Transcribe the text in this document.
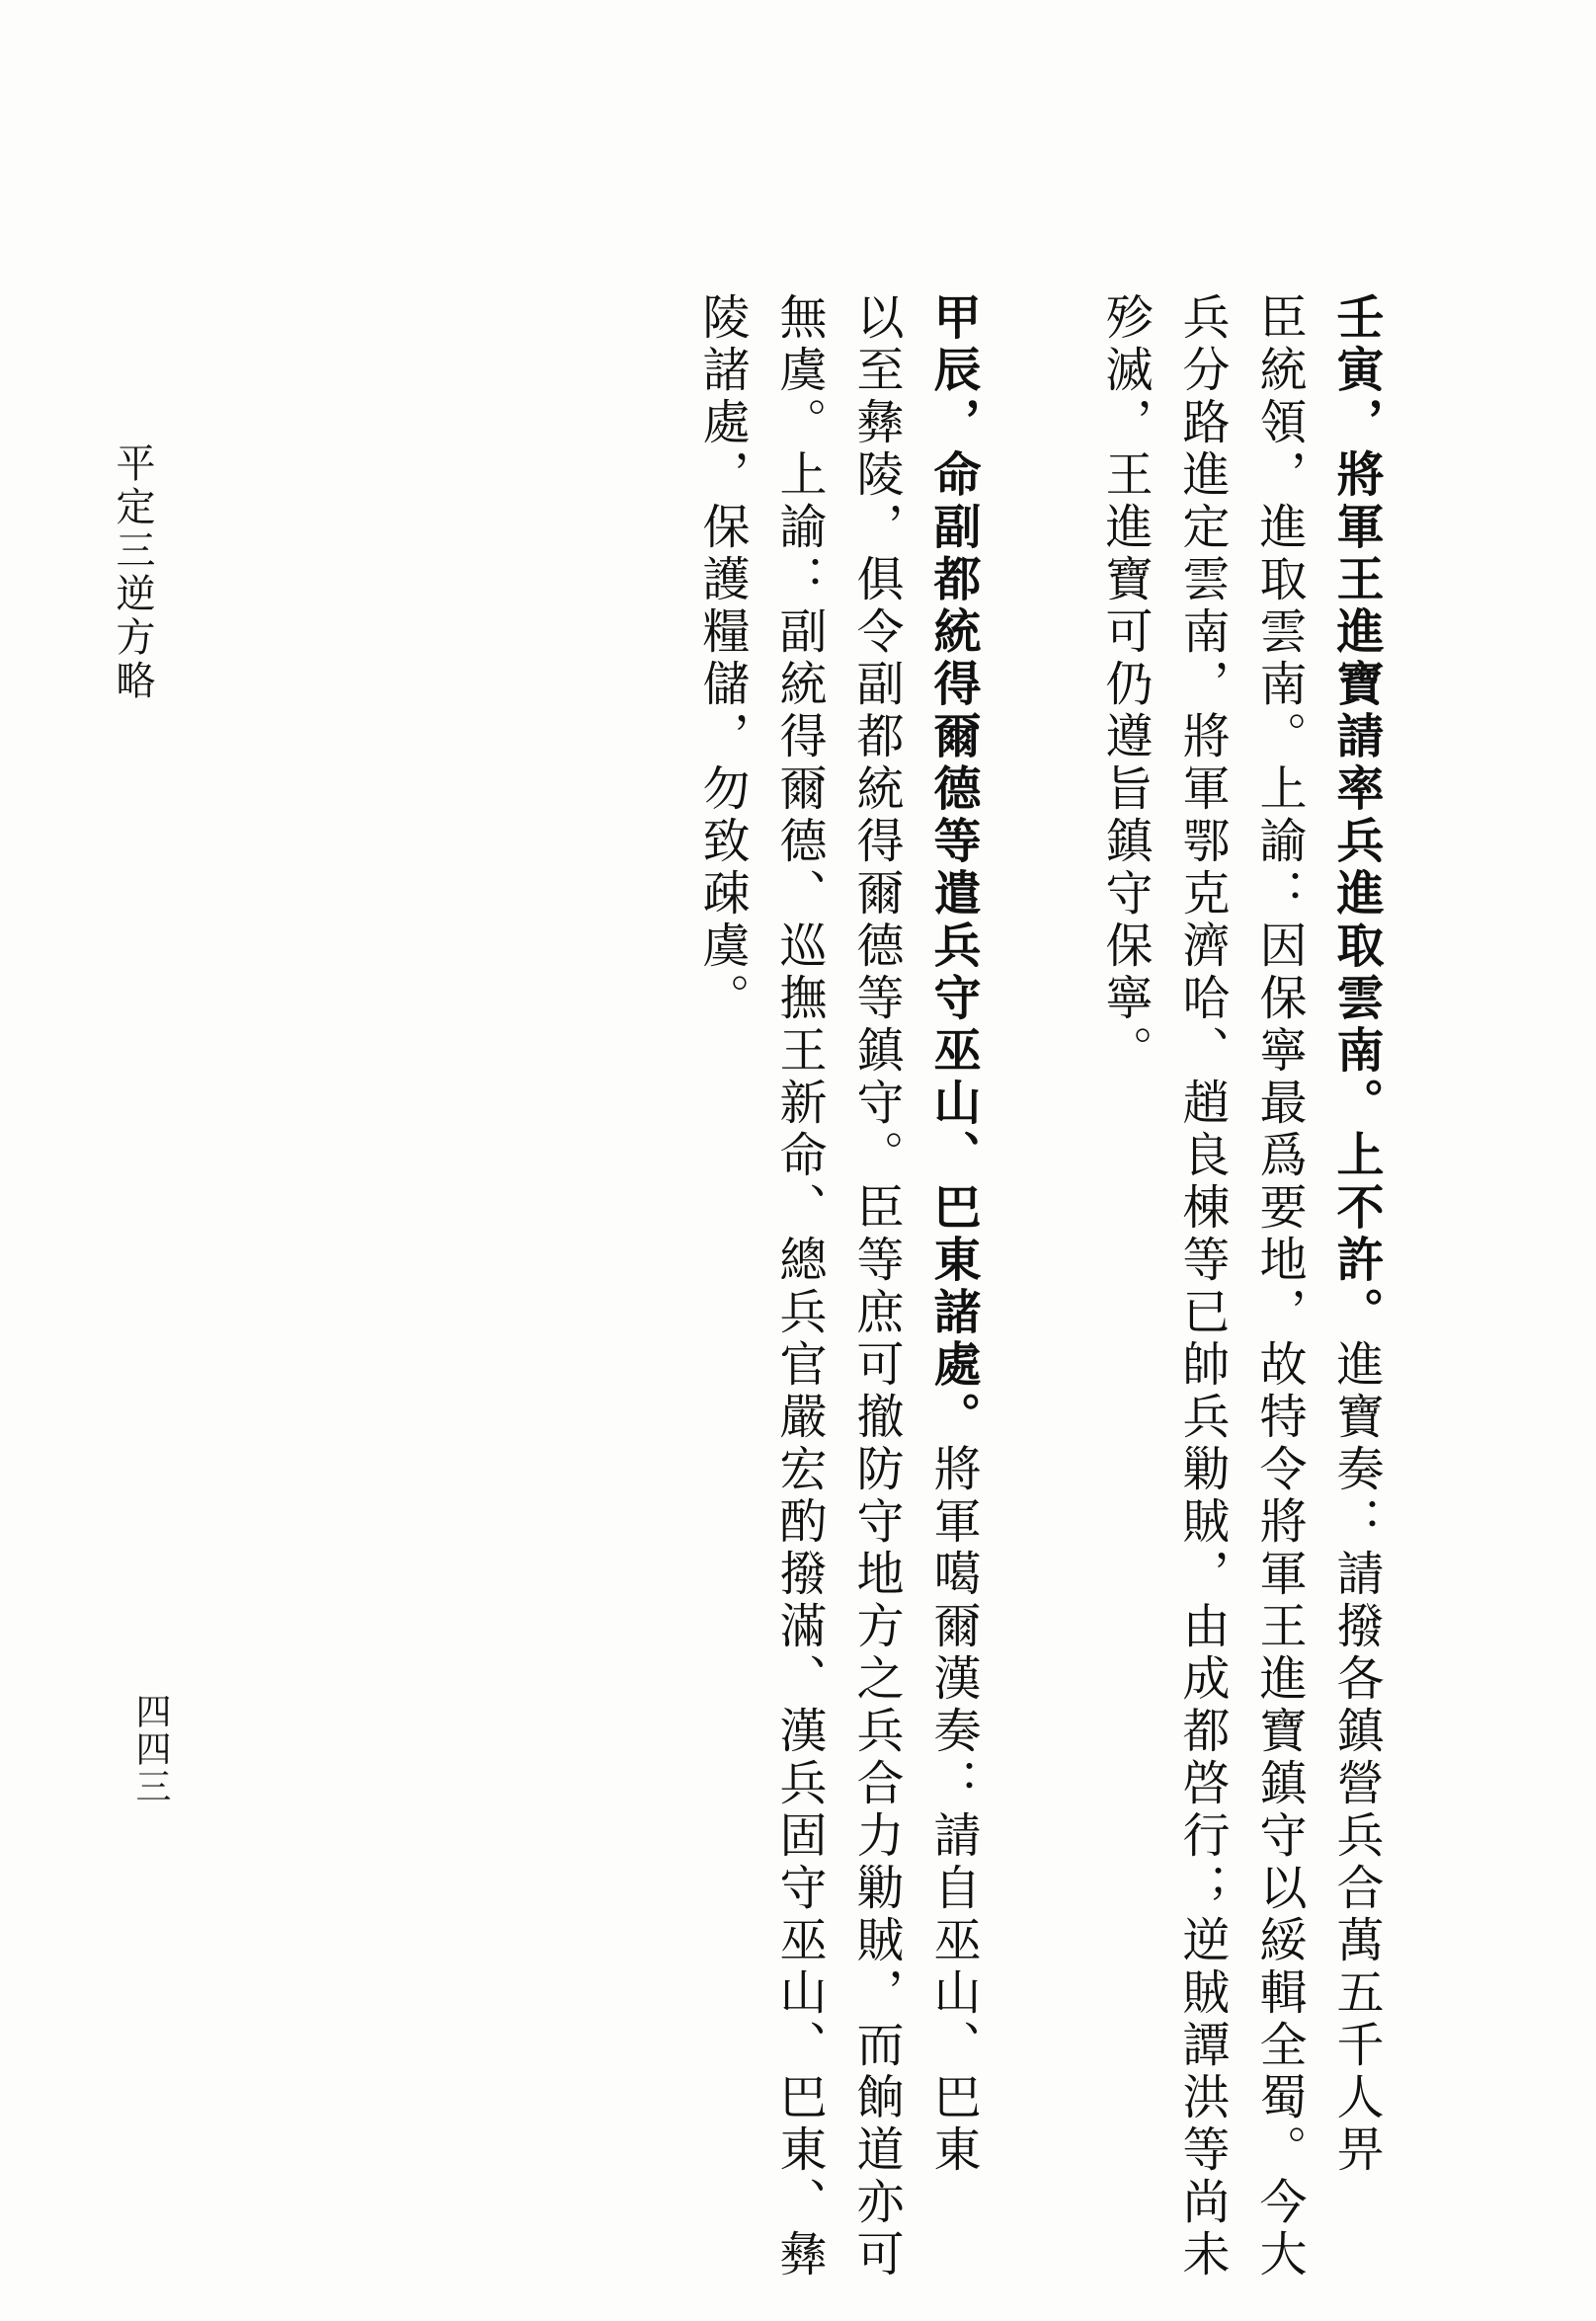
壬寅，將軍王進寶請率兵進取雲南。上不許。進寶奏：請撥各鎮營兵合萬五千人畀
臣統領，進取雲南。上諭：因保寧最爲要地，故特令將軍王進寶鎮守以綏輯全蜀。今大
兵分路進定雲南，將軍鄂克濟哈、趙良棟等已帥兵勦賊，由成都啓行；逆賊譚洪等尚未
殄滅，王進寶可仍遵旨鎮守保寧。

甲辰，命副都統得爾德等遣兵守巫山、巴東諸處。將軍噶爾漢奏：請自巫山、巴東
以至彝陵，俱令副都統得爾德等鎮守。臣等庶可撤防守地方之兵合力勦賊，而餉道亦可
無虞。上諭：副統得爾德、巡撫王新命、總兵官嚴宏酌撥滿、漢兵固守巫山、巴東、彝
陵諸處，保護糧儲，勿致疎虞。

平定三逆方略
四四三
